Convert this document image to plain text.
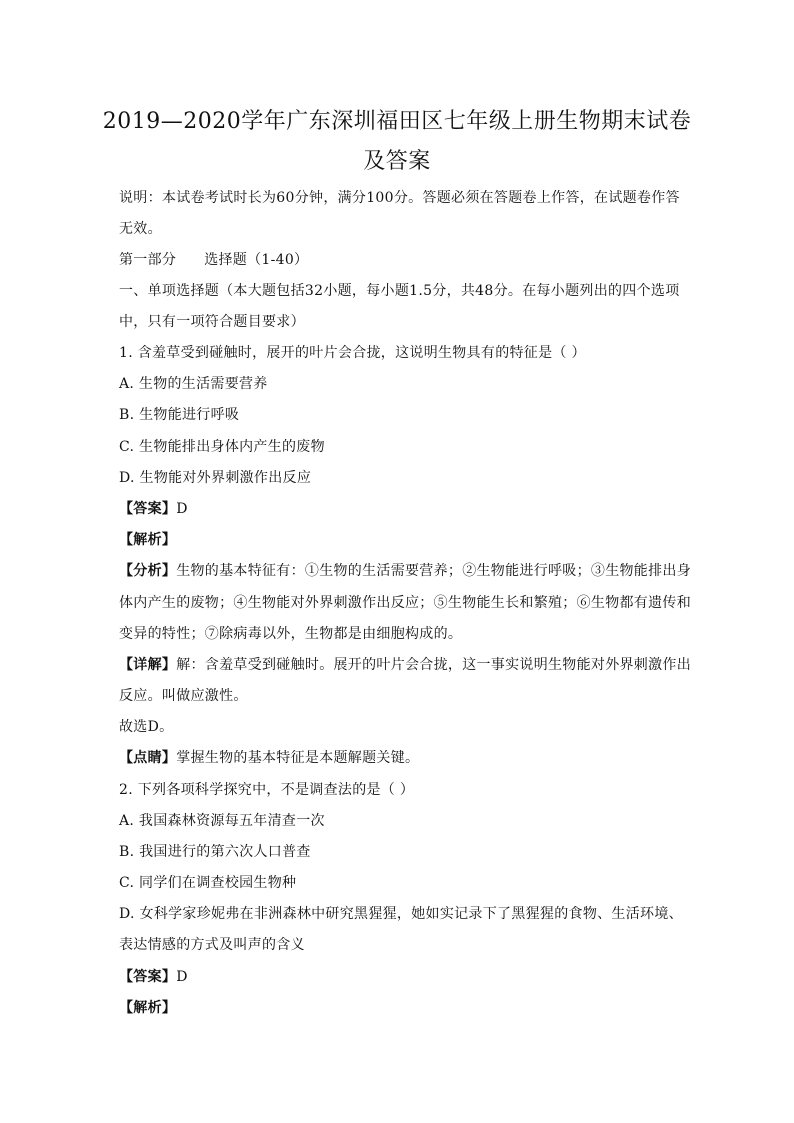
2019—2020学年广东深圳福田区七年级上册生物期末试卷
及答案
说明：本试卷考试时长为60分钟，满分100分。答题必须在答题卷上作答，在试题卷作答
无效。
第一部分 选择题（1-40）
一、单项选择题（本大题包括32小题，每小题1.5分，共48分。在每小题列出的四个选项
中，只有一项符合题目要求）
1. 含羞草受到碰触时，展开的叶片会合拢，这说明生物具有的特征是（ ）
A. 生物的生活需要营养
B. 生物能进行呼吸
C. 生物能排出身体内产生的废物
D. 生物能对外界刺激作出反应
【答案】D
【解析】
【分析】生物的基本特征有：①生物的生活需要营养；②生物能进行呼吸；③生物能排出身
体内产生的废物；④生物能对外界刺激作出反应；⑤生物能生长和繁殖；⑥生物都有遗传和
变异的特性；⑦除病毒以外，生物都是由细胞构成的。
【详解】解：含羞草受到碰触时。展开的叶片会合拢，这一事实说明生物能对外界刺激作出
反应。叫做应激性。
故选D。
【点睛】掌握生物的基本特征是本题解题关键。
2. 下列各项科学探究中，不是调查法的是（ ）
A. 我国森林资源每五年清查一次
B. 我国进行的第六次人口普查
C. 同学们在调查校园生物种
D. 女科学家珍妮弗在非洲森林中研究黑猩猩，她如实记录下了黑猩猩的食物、生活环境、
表达情感的方式及叫声的含义
【答案】D
【解析】
